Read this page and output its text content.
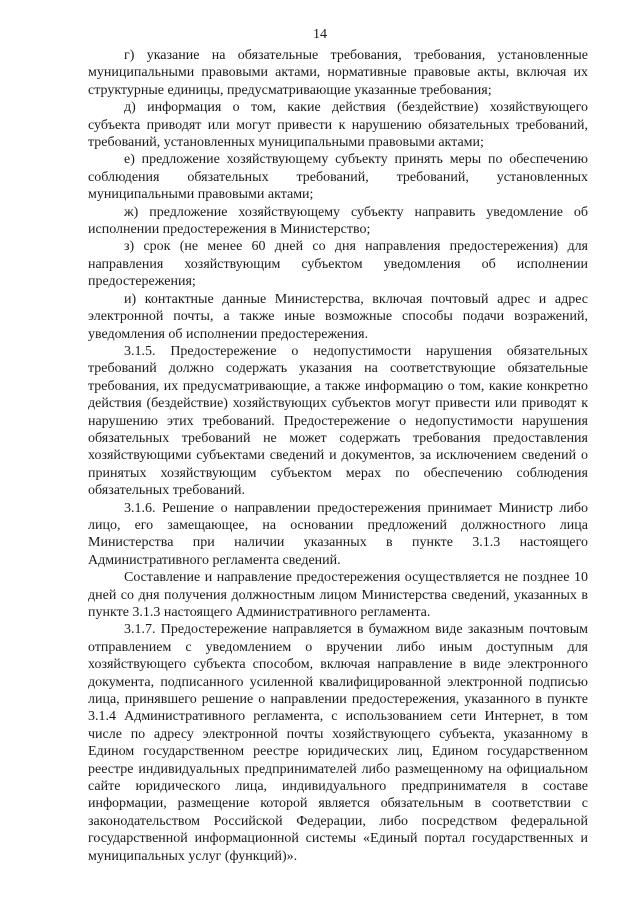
14

г) указание на обязательные требования, требования, установленные муниципальными правовыми актами, нормативные правовые акты, включая их структурные единицы, предусматривающие указанные требования;

д) информация о том, какие действия (бездействие) хозяйствующего субъекта приводят или могут привести к нарушению обязательных требований, требований, установленных муниципальными правовыми актами;

е) предложение хозяйствующему субъекту принять меры по обеспечению соблюдения обязательных требований, требований, установленных муниципальными правовыми актами;

ж) предложение хозяйствующему субъекту направить уведомление об исполнении предостережения в Министерство;

з) срок (не менее 60 дней со дня направления предостережения) для направления хозяйствующим субъектом уведомления об исполнении предостережения;

и) контактные данные Министерства, включая почтовый адрес и адрес электронной почты, а также иные возможные способы подачи возражений, уведомления об исполнении предостережения.

3.1.5. Предостережение о недопустимости нарушения обязательных требований должно содержать указания на соответствующие обязательные требования, их предусматривающие, а также информацию о том, какие конкретно действия (бездействие) хозяйствующих субъектов могут привести или приводят к нарушению этих требований. Предостережение о недопустимости нарушения обязательных требований не может содержать требования предоставления хозяйствующими субъектами сведений и документов, за исключением сведений о принятых хозяйствующим субъектом мерах по обеспечению соблюдения обязательных требований.

3.1.6. Решение о направлении предостережения принимает Министр либо лицо, его замещающее, на основании предложений должностного лица Министерства при наличии указанных в пункте 3.1.3 настоящего Административного регламента сведений.

Составление и направление предостережения осуществляется не позднее 10 дней со дня получения должностным лицом Министерства сведений, указанных в пункте 3.1.3 настоящего Административного регламента.

3.1.7. Предостережение направляется в бумажном виде заказным почтовым отправлением с уведомлением о вручении либо иным доступным для хозяйствующего субъекта способом, включая направление в виде электронного документа, подписанного усиленной квалифицированной электронной подписью лица, принявшего решение о направлении предостережения, указанного в пункте 3.1.4 Административного регламента, с использованием сети Интернет, в том числе по адресу электронной почты хозяйствующего субъекта, указанному в Едином государственном реестре юридических лиц, Едином государственном реестре индивидуальных предпринимателей либо размещенному на официальном сайте юридического лица, индивидуального предпринимателя в составе информации, размещение которой является обязательным в соответствии с законодательством Российской Федерации, либо посредством федеральной государственной информационной системы «Единый портал государственных и муниципальных услуг (функций)».
